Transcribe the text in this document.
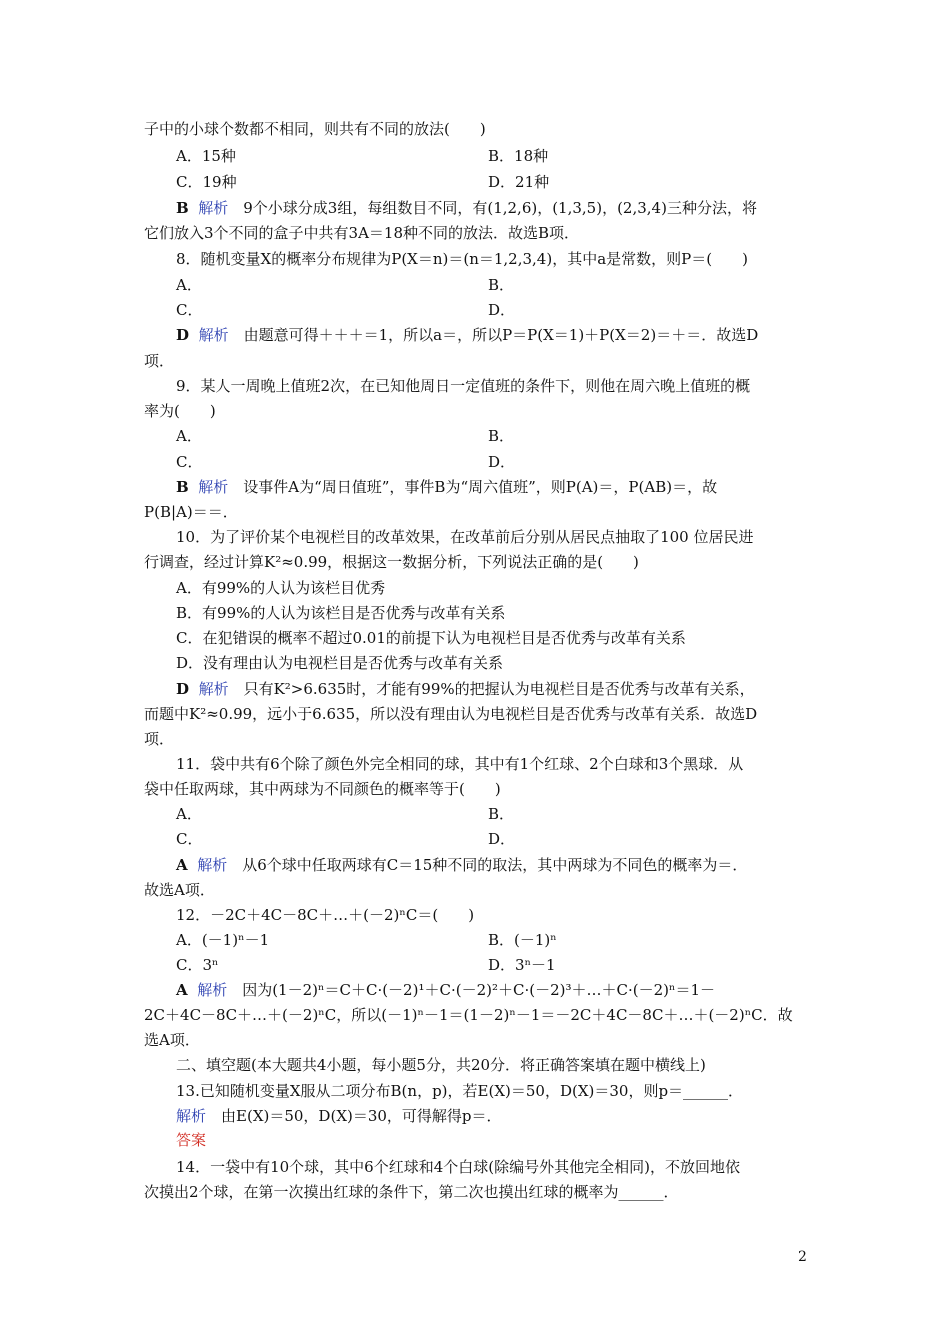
子中的小球个数都不相同，则共有不同的放法(　　)
A．15种	B．18种
C．19种	D．21种
B 解析　9个小球分成3组，每组数目不同，有(1,2,6)，(1,3,5)，(2,3,4)三种分法，将
它们放入3个不同的盒子中共有3A＝18种不同的放法．故选B项．
8．随机变量X的概率分布规律为P(X＝n)＝(n＝1,2,3,4)，其中a是常数，则P＝(　　)
A．	B．
C．	D．
D 解析　由题意可得＋＋＋＝1，所以a＝，所以P＝P(X＝1)＋P(X＝2)＝＋＝．故选D
项．
9．某人一周晚上值班2次，在已知他周日一定值班的条件下，则他在周六晚上值班的概
率为(　　)
A．	B．
C．	D．
B 解析　设事件A为“周日值班”，事件B为“周六值班”，则P(A)＝，P(AB)＝，故
P(B|A)＝＝．
10．为了评价某个电视栏目的改革效果，在改革前后分别从居民点抽取了100 位居民进
行调查，经过计算K²≈0.99，根据这一数据分析，下列说法正确的是(　　)
A．有99%的人认为该栏目优秀
B．有99%的人认为该栏目是否优秀与改革有关系
C．在犯错误的概率不超过0.01的前提下认为电视栏目是否优秀与改革有关系
D．没有理由认为电视栏目是否优秀与改革有关系
D 解析　只有K²>6.635时，才能有99%的把握认为电视栏目是否优秀与改革有关系，
而题中K²≈0.99，远小于6.635，所以没有理由认为电视栏目是否优秀与改革有关系．故选D
项．
11．袋中共有6个除了颜色外完全相同的球，其中有1个红球、2个白球和3个黑球．从
袋中任取两球，其中两球为不同颜色的概率等于(　　)
A．	B．
C．	D．
A 解析　从6个球中任取两球有C＝15种不同的取法，其中两球为不同色的概率为＝．
故选A项．
12．－2C＋4C－8C＋…＋(－2)ⁿC＝(　　)
A．(－1)ⁿ－1	B．(－1)ⁿ
C．3ⁿ	D．3ⁿ－1
A 解析　因为(1－2)ⁿ＝C＋C·(－2)¹＋C·(－2)²＋C·(－2)³＋…＋C·(－2)ⁿ＝1－
2C＋4C－8C＋…＋(－2)ⁿC，所以(－1)ⁿ－1＝(1－2)ⁿ－1＝－2C＋4C－8C＋…＋(－2)ⁿC．故
选A项．
二、填空题(本大题共4小题，每小题5分，共20分．将正确答案填在题中横线上)
13.已知随机变量X服从二项分布B(n，p)，若E(X)＝50，D(X)＝30，则p＝______．
解析　由E(X)＝50，D(X)＝30，可得解得p＝．
答案
14．一袋中有10个球，其中6个红球和4个白球(除编号外其他完全相同)，不放回地依
次摸出2个球，在第一次摸出红球的条件下，第二次也摸出红球的概率为______．
2
